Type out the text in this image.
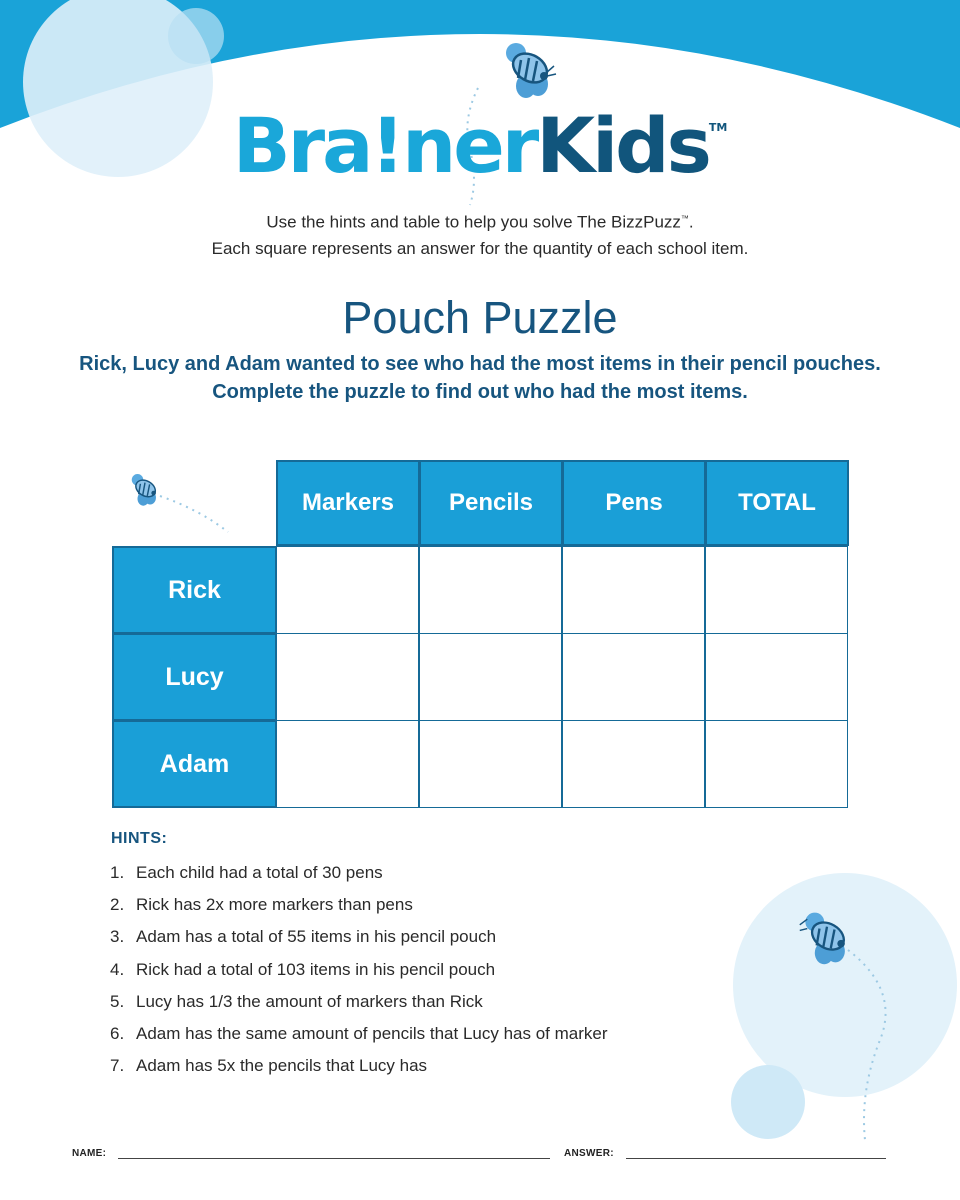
Bra!nerKids™
Use the hints and table to help you solve The BizzPuzz™.
Each square represents an answer for the quantity of each school item.
Pouch Puzzle
Rick, Lucy and Adam wanted to see who had the most items in their pencil pouches. Complete the puzzle to find out who had the most items.
Markers	Pencils	Pens	TOTAL
Rick
Lucy
Adam
HINTS:
1. Each child had a total of 30 pens
2. Rick has 2x more markers than pens
3. Adam has a total of 55 items in his pencil pouch
4. Rick had a total of 103 items in his pencil pouch
5. Lucy has 1/3 the amount of markers than Rick
6. Adam has the same amount of pencils that Lucy has of marker
7. Adam has 5x the pencils that Lucy has
NAME:	ANSWER:
